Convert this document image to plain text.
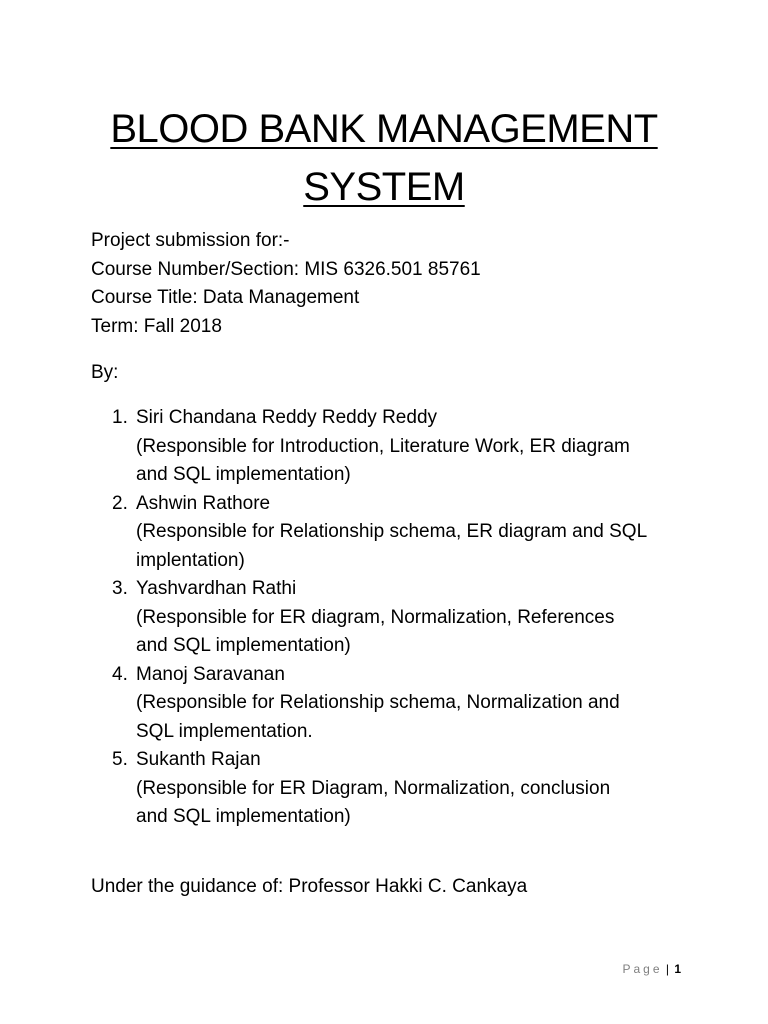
BLOOD BANK MANAGEMENT
SYSTEM
Project submission for:-
Course Number/Section: MIS 6326.501 85761
Course Title: Data Management
Term: Fall 2018
By:
1. Siri Chandana Reddy Reddy Reddy
(Responsible for Introduction, Literature Work, ER diagram
and SQL implementation)
2. Ashwin Rathore
(Responsible for Relationship schema, ER diagram and SQL
implentation)
3. Yashvardhan Rathi
(Responsible for ER diagram, Normalization, References
and SQL implementation)
4. Manoj Saravanan
(Responsible for Relationship schema, Normalization and
SQL implementation.
5. Sukanth Rajan
(Responsible for ER Diagram, Normalization, conclusion
and SQL implementation)
Under the guidance of: Professor Hakki C. Cankaya
Page | 1
